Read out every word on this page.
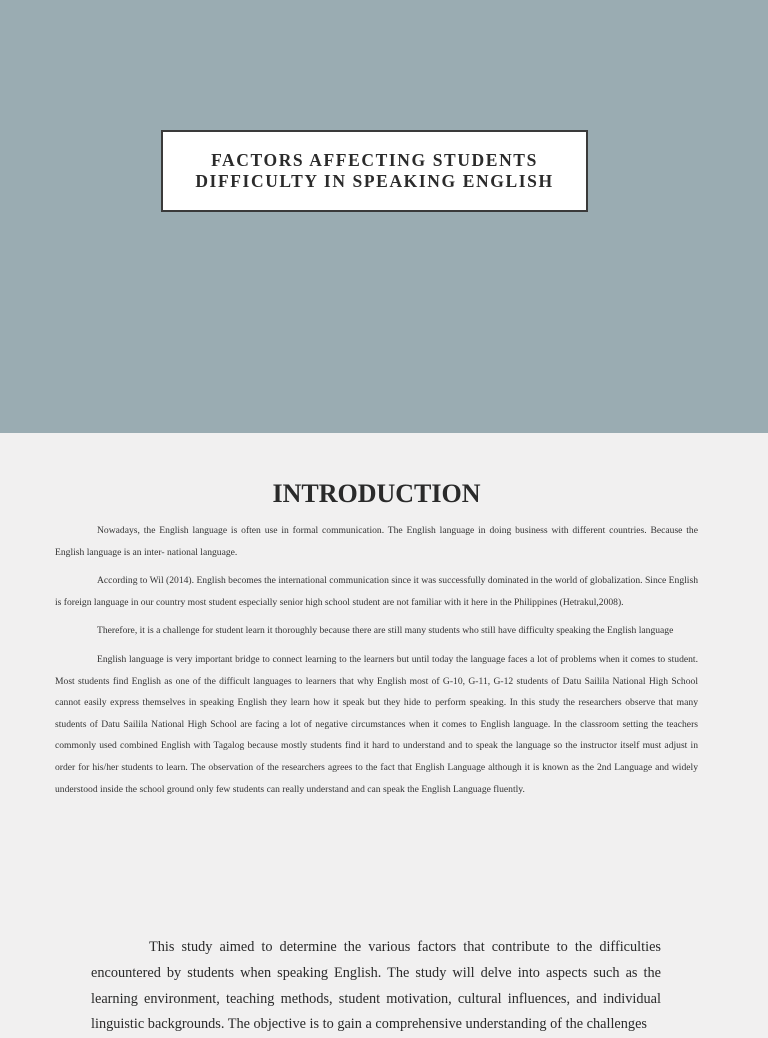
FACTORS AFFECTING STUDENTS
DIFFICULTY IN SPEAKING ENGLISH
INTRODUCTION

Nowadays, the English language is often use in formal communication. The English language in doing business with different countries. Because the English language is an inter- national language.

According to Wil (2014). English becomes the international communication since it was successfully dominated in the world of globalization. Since English is foreign language in our country most student especially senior high school student are not familiar with it here in the Philippines (Hetrakul,2008).

Therefore, it is a challenge for student learn it thoroughly because there are still many students who still have difficulty speaking the English language

English language is very important bridge to connect learning to the learners but until today the language faces a lot of problems when it comes to student. Most students find English as one of the difficult languages to learners that why English most of G-10, G-11, G-12 students of Datu Sailila National High School cannot easily express themselves in speaking English they learn how it speak but they hide to perform speaking. In this study the researchers observe that many students of Datu Sailila National High School are facing a lot of negative circumstances when it comes to English language. In the classroom setting the teachers commonly used combined English with Tagalog because mostly students find it hard to understand and to speak the language so the instructor itself must adjust in order for his/her students to learn. The observation of the researchers agrees to the fact that English Language although it is known as the 2nd Language and widely understood inside the school ground only few students can really understand and can speak the English Language fluently.

This study aimed to determine the various factors that contribute to the difficulties encountered by students when speaking English. The study will delve into aspects such as the learning environment, teaching methods, student motivation, cultural influences, and individual linguistic backgrounds. The objective is to gain a comprehensive understanding of the challenges
